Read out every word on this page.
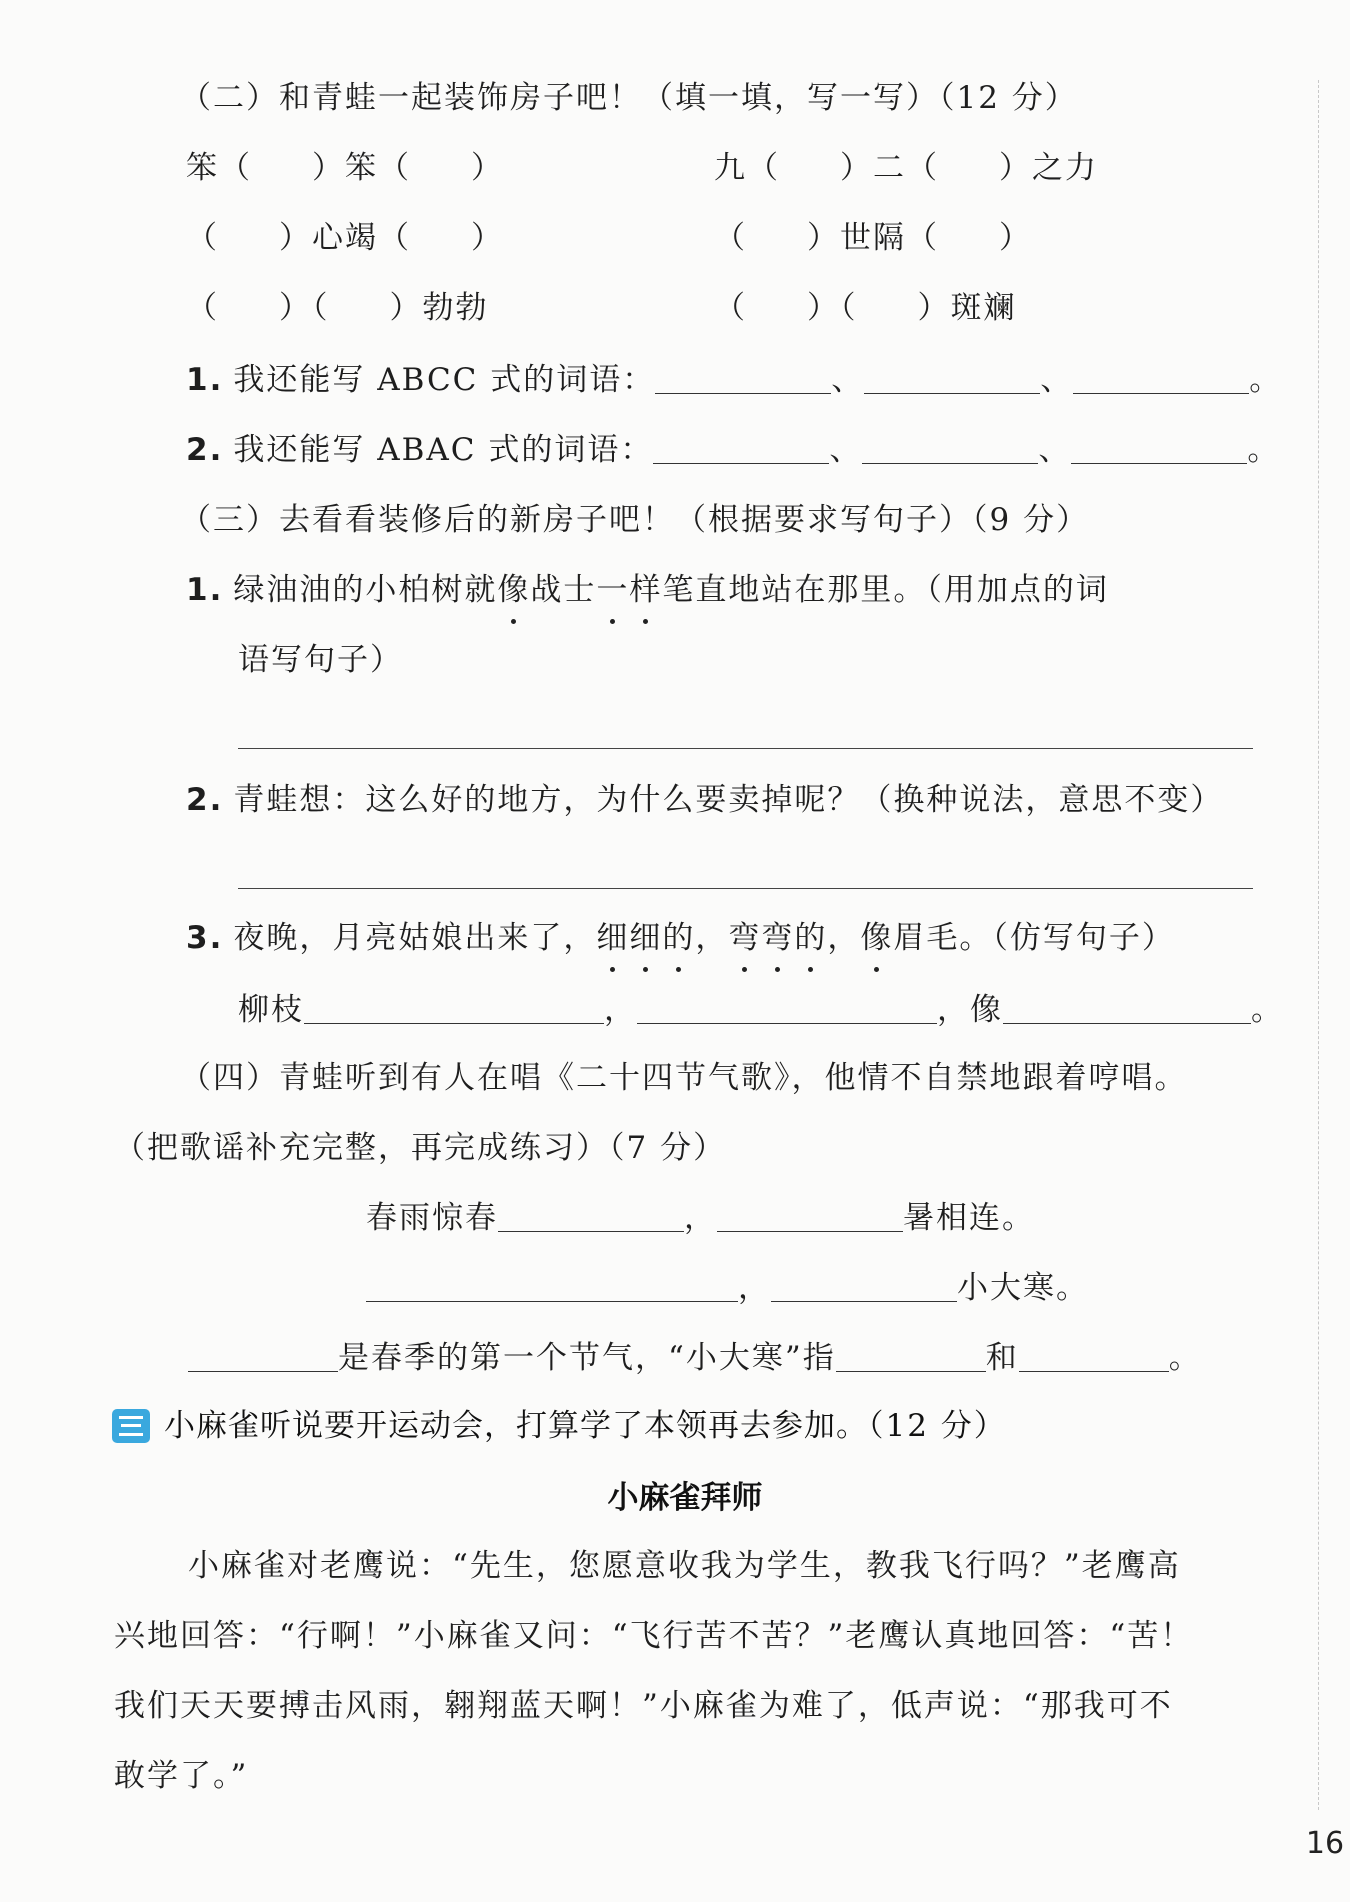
（二）和青蛙一起装饰房子吧！（填一填，写一写）（12 分）
笨（ ）笨（ ）	九（ ）二（ ）之力
（ ）心竭（ ）	（ ）世隔（ ）
（ ）（ ）勃勃	（ ）（ ）斑斓
1. 我还能写 ABCC 式的词语：	、	、	。
2. 我还能写 ABAC 式的词语：	、	、	。
（三）去看看装修后的新房子吧！（根据要求写句子）（9 分）
1. 绿油油的小柏树就像战士一样笔直地站在那里。（用加点的词
语写句子）
2. 青蛙想：这么好的地方，为什么要卖掉呢？（换种说法，意思不变）
3. 夜晚，月亮姑娘出来了，细细的，弯弯的，像眉毛。（仿写句子）
柳枝	，	，像	。
（四）青蛙听到有人在唱《二十四节气歌》，他情不自禁地跟着哼唱。
（把歌谣补充完整，再完成练习）（7 分）
春雨惊春	，	暑相连。
，	小大寒。
是春季的第一个节气，“小大寒”指	和	。
小麻雀听说要开运动会，打算学了本领再去参加。（12 分）
小麻雀拜师
小麻雀对老鹰说：“先生，您愿意收我为学生，教我飞行吗？”老鹰高
兴地回答：“行啊！”小麻雀又问：“飞行苦不苦？”老鹰认真地回答：“苦！
我们天天要搏击风雨，翱翔蓝天啊！”小麻雀为难了，低声说：“那我可不
敢学了。”
16
